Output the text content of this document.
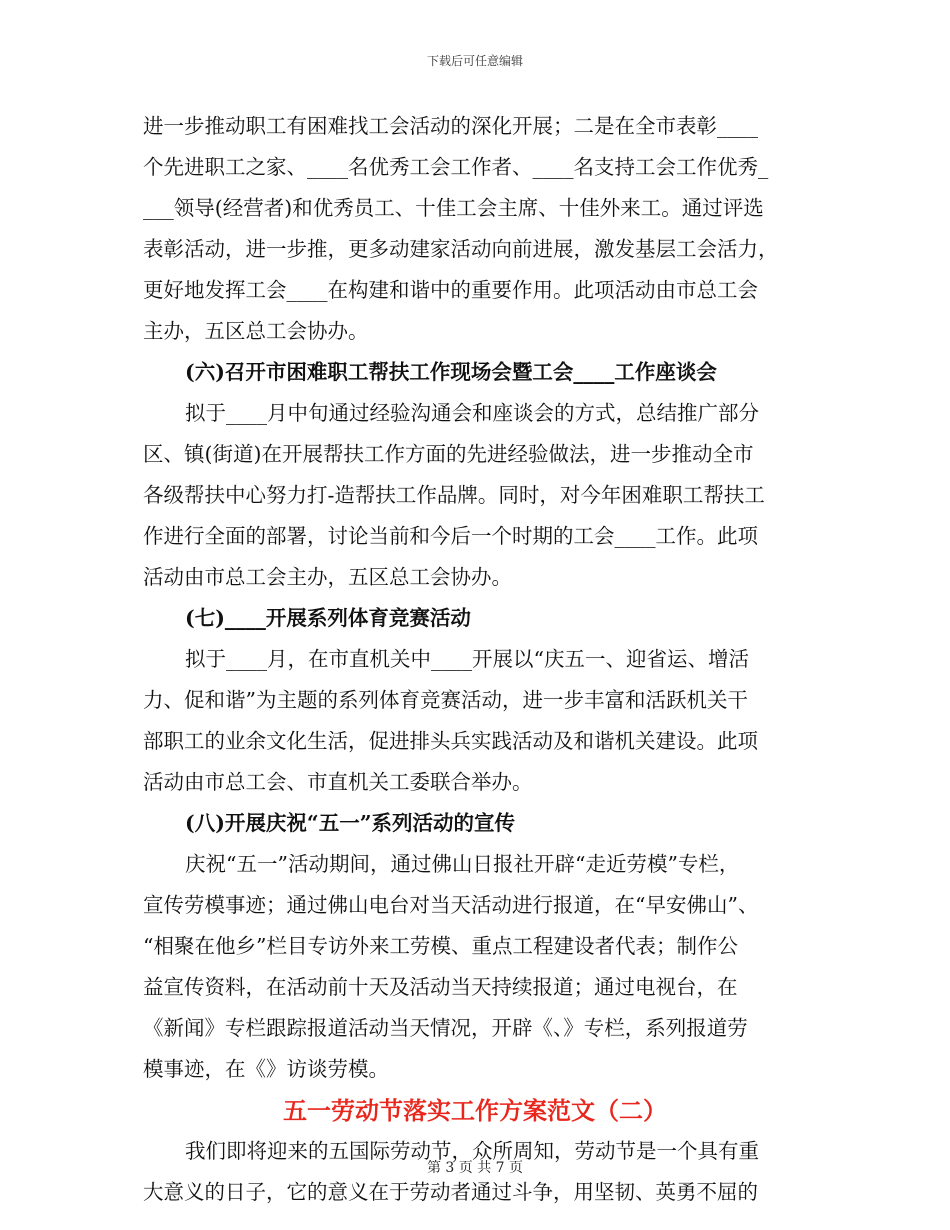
下载后可任意编辑
进一步推动职工有困难找工会活动的深化开展；二是在全市表彰____
个先进职工之家、____名优秀工会工作者、____名支持工会工作优秀_
___领导(经营者)和优秀员工、十佳工会主席、十佳外来工。通过评选
表彰活动，进一步推，更多动建家活动向前进展，激发基层工会活力，
更好地发挥工会____在构建和谐中的重要作用。此项活动由市总工会
主办，五区总工会协办。
(六)召开市困难职工帮扶工作现场会暨工会____工作座谈会
拟于____月中旬通过经验沟通会和座谈会的方式，总结推广部分
区、镇(街道)在开展帮扶工作方面的先进经验做法，进一步推动全市
各级帮扶中心努力打-造帮扶工作品牌。同时，对今年困难职工帮扶工
作进行全面的部署，讨论当前和今后一个时期的工会____工作。此项
活动由市总工会主办，五区总工会协办。
(七)____开展系列体育竞赛活动
拟于____月，在市直机关中____开展以“庆五一、迎省运、增活
力、促和谐”为主题的系列体育竞赛活动，进一步丰富和活跃机关干
部职工的业余文化生活，促进排头兵实践活动及和谐机关建设。此项
活动由市总工会、市直机关工委联合举办。
(八)开展庆祝“五一”系列活动的宣传
庆祝“五一”活动期间，通过佛山日报社开辟“走近劳模”专栏，
宣传劳模事迹；通过佛山电台对当天活动进行报道，在“早安佛山”、
“相聚在他乡”栏目专访外来工劳模、重点工程建设者代表；制作公
益宣传资料，在活动前十天及活动当天持续报道；通过电视台，在
《新闻》专栏跟踪报道活动当天情况，开辟《、》专栏，系列报道劳
模事迹，在《》访谈劳模。
五一劳动节落实工作方案范文（二）
我们即将迎来的五国际劳动节，众所周知，劳动节是一个具有重
大意义的日子，它的意义在于劳动者通过斗争，用坚韧、英勇不屈的
第 3 页 共 7 页
